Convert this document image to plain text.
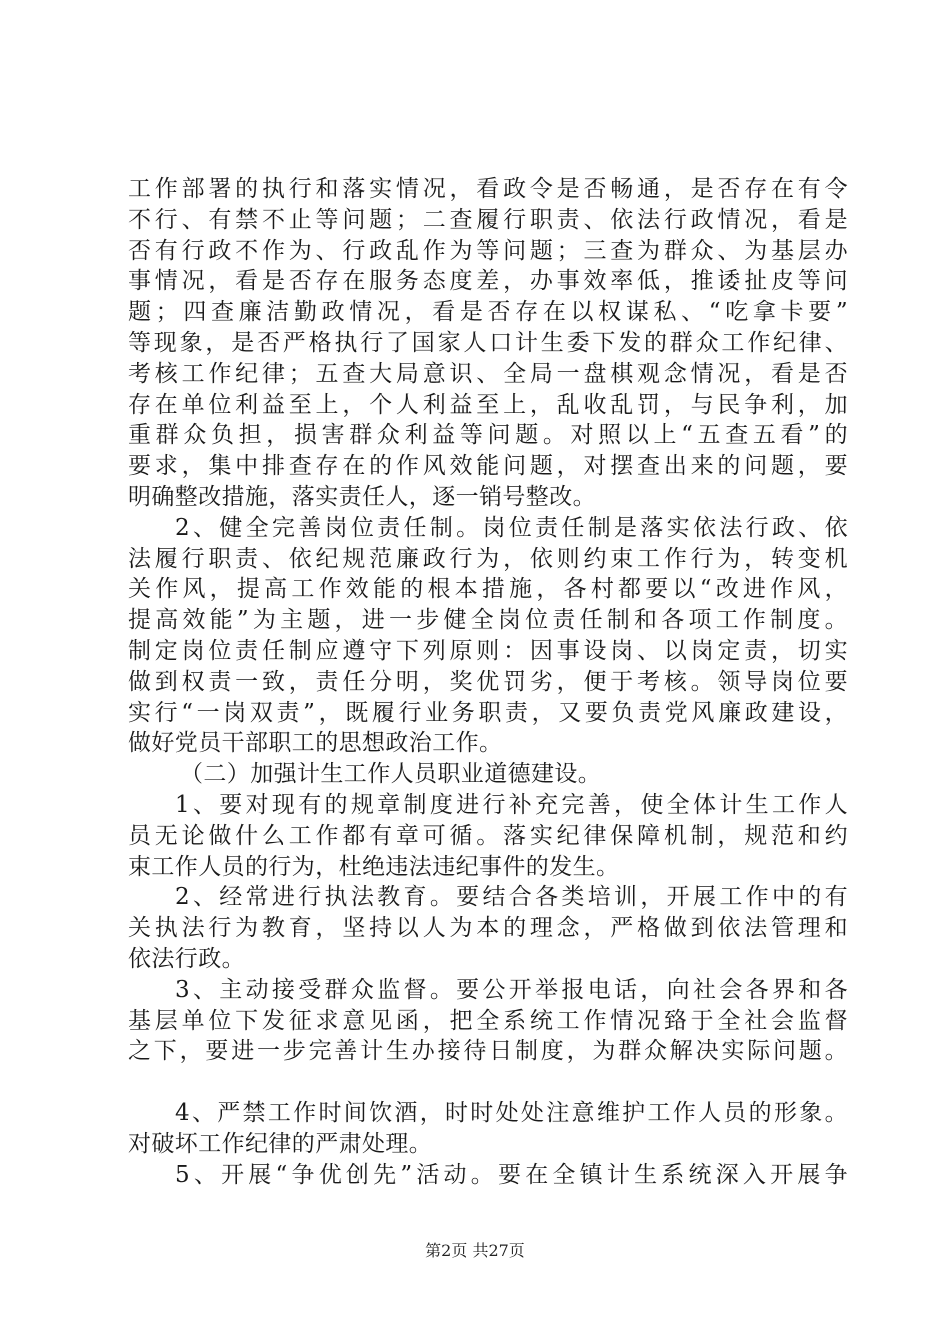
工作部署的执行和落实情况，看政令是否畅通，是否存在有令
不行、有禁不止等问题；二查履行职责、依法行政情况，看是
否有行政不作为、行政乱作为等问题；三查为群众、为基层办
事情况，看是否存在服务态度差，办事效率低，推诿扯皮等问
题；四查廉洁勤政情况，看是否存在以权谋私、“吃拿卡要”
等现象，是否严格执行了国家人口计生委下发的群众工作纪律、
考核工作纪律；五查大局意识、全局一盘棋观念情况，看是否
存在单位利益至上，个人利益至上，乱收乱罚，与民争利，加
重群众负担，损害群众利益等问题。对照以上“五查五看”的
要求，集中排查存在的作风效能问题，对摆查出来的问题，要
明确整改措施，落实责任人，逐一销号整改。
2、健全完善岗位责任制。岗位责任制是落实依法行政、依
法履行职责、依纪规范廉政行为，依则约束工作行为，转变机
关作风，提高工作效能的根本措施，各村都要以“改进作风，
提高效能”为主题，进一步健全岗位责任制和各项工作制度。
制定岗位责任制应遵守下列原则：因事设岗、以岗定责，切实
做到权责一致，责任分明，奖优罚劣，便于考核。领导岗位要
实行“一岗双责”，既履行业务职责，又要负责党风廉政建设，
做好党员干部职工的思想政治工作。
（二）加强计生工作人员职业道德建设。
1、要对现有的规章制度进行补充完善，使全体计生工作人
员无论做什么工作都有章可循。落实纪律保障机制，规范和约
束工作人员的行为，杜绝违法违纪事件的发生。
2、经常进行执法教育。要结合各类培训，开展工作中的有
关执法行为教育，坚持以人为本的理念，严格做到依法管理和
依法行政。
3、主动接受群众监督。要公开举报电话，向社会各界和各
基层单位下发征求意见函，把全系统工作情况臵于全社会监督
之下，要进一步完善计生办接待日制度，为群众解决实际问题。
4、严禁工作时间饮酒，时时处处注意维护工作人员的形象。
对破坏工作纪律的严肃处理。
5、开展“争优创先”活动。要在全镇计生系统深入开展争
第2页 共27页
